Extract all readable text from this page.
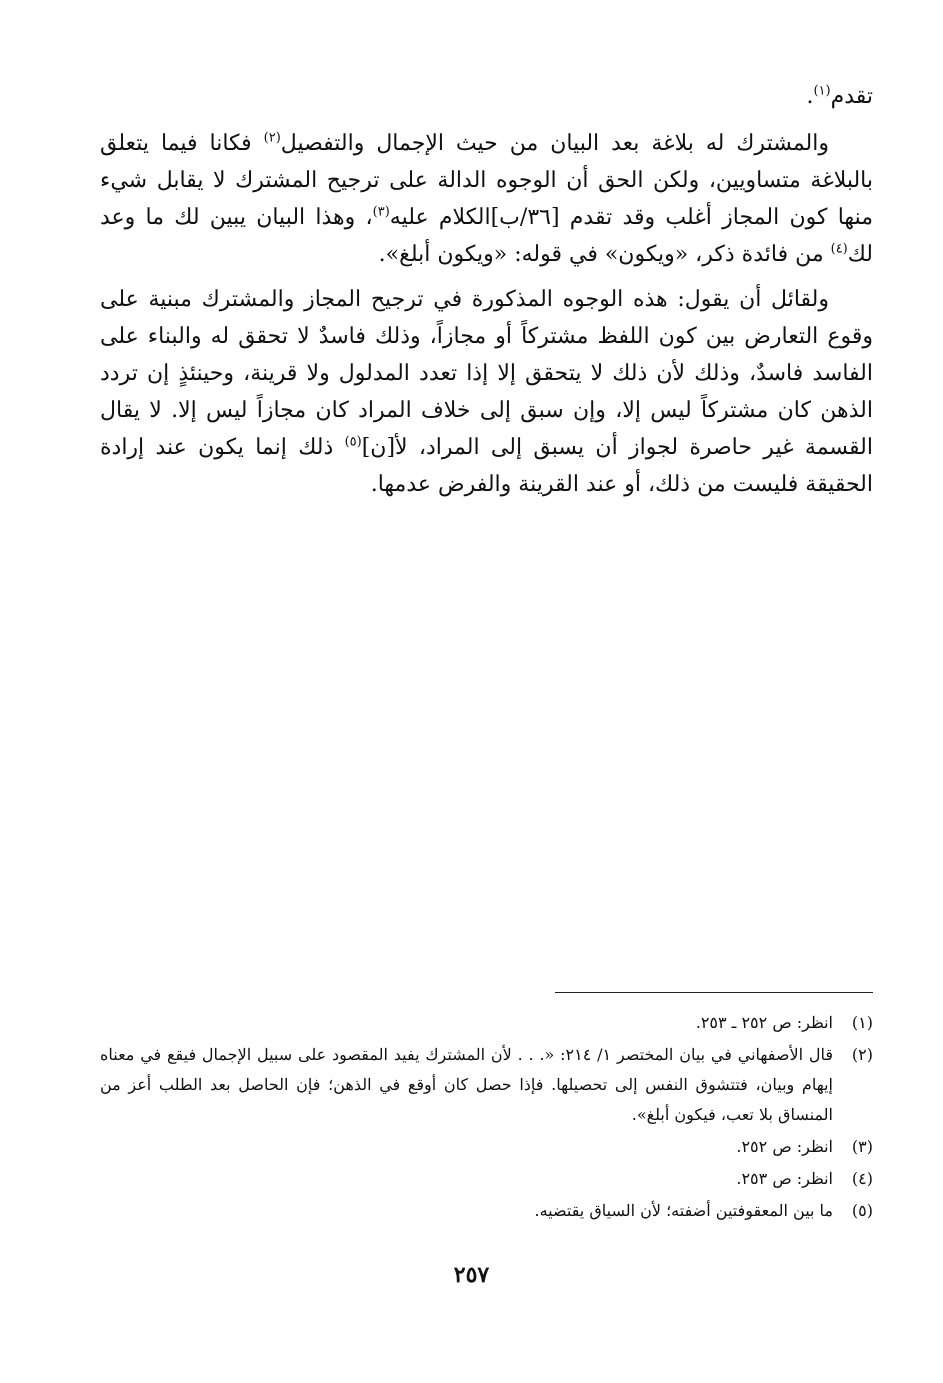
تقدم$^{(١)}$.

والمشترك له بلاغة بعد البيان من حيث الإجمال والتفصيل$^{(٢)}$ فكانا فيما يتعلق بالبلاغة متساويين، ولكن الحق أن الوجوه الدالة على ترجيح المشترك لا يقابل شيء منها كون المجاز أغلب وقد تقدم [٣٦/ب]الكلام عليه$^{(٣)}$، وهذا البيان يبين لك ما وعد لك$^{(٤)}$ من فائدة ذكر، «ويكون» في قوله: «ويكون أبلغ».

ولقائل أن يقول: هذه الوجوه المذكورة في ترجيح المجاز والمشترك مبنية على وقوع التعارض بين كون اللفظ مشتركاً أو مجازاً، وذلك فاسدٌ لا تحقق له والبناء على الفاسد فاسدٌ، وذلك لأن ذلك لا يتحقق إلا إذا تعدد المدلول ولا قرينة، وحينئذٍ إن تردد الذهن كان مشتركاً ليس إلا، وإن سبق إلى خلاف المراد كان مجازاً ليس إلا. لا يقال القسمة غير حاصرة لجواز أن يسبق إلى المراد، لأ[ن]$^{(٥)}$ ذلك إنما يكون عند إرادة الحقيقة فليست من ذلك، أو عند القرينة والفرض عدمها.

(١)
انظر: ص ٢٥٢ ـ ٢٥٣.
(٢)
قال الأصفهاني في بيان المختصر ١/ ٢١٤: «. . . لأن المشترك يفيد المقصود على سبيل الإجمال فيقع في معناه إيهام وبيان، فتتشوق النفس إلى تحصيلها. فإذا حصل كان أوقع في الذهن؛ فإن الحاصل بعد الطلب أعز من المنساق بلا تعب، فيكون أبلغ».
(٣)
انظر: ص ٢٥٢.
(٤)
انظر: ص ٢٥٣.
(٥)
ما بين المعقوفتين أضفته؛ لأن السياق يقتضيه.
٢٥٧
